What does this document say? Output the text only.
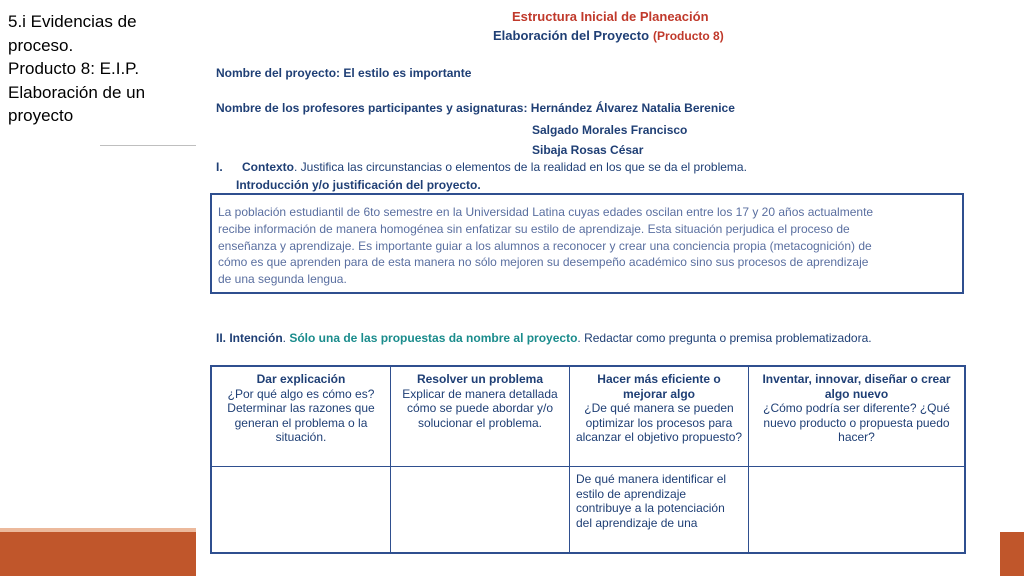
5.i Evidencias de
proceso.
Producto 8: E.I.P.
Elaboración de un
proyecto
Estructura Inicial de Planeación
Elaboración del Proyecto (Producto 8)
Nombre del proyecto: El estilo es importante
Nombre de los profesores participantes y asignaturas: Hernández Álvarez Natalia Berenice
Salgado Morales Francisco
Sibaja Rosas César
I. Contexto. Justifica las circunstancias o elementos de la realidad en los que se da el problema.
Introducción y/o justificación del proyecto.

La población estudiantil de 6to semestre en la Universidad Latina cuyas edades oscilan entre los 17 y 20 años actualmente

recibe información de manera homogénea sin enfatizar su estilo de aprendizaje. Esta situación perjudica el proceso de

enseñanza y aprendizaje. Es importante guiar a los alumnos a reconocer y crear una conciencia propia (metacognición) de

cómo es que aprenden para de esta manera no sólo mejoren su desempeño académico sino sus procesos de aprendizaje

de una segunda lengua.

II. Intención. Sólo una de las propuestas da nombre al proyecto. Redactar como pregunta o premisa problematizadora.
Dar explicación
¿Por qué algo es cómo es? Determinar las razones que generan el problema o la situación.
Resolver un problema
Explicar de manera detallada cómo se puede abordar y/o solucionar el problema.
Hacer más eficiente o mejorar algo
¿De qué manera se pueden optimizar los procesos para alcanzar el objetivo propuesto?
Inventar, innovar, diseñar o crear algo nuevo
¿Cómo podría ser diferente? ¿Qué nuevo producto o propuesta puedo hacer?
De qué manera identificar el estilo de aprendizaje contribuye a la potenciación del aprendizaje de una
